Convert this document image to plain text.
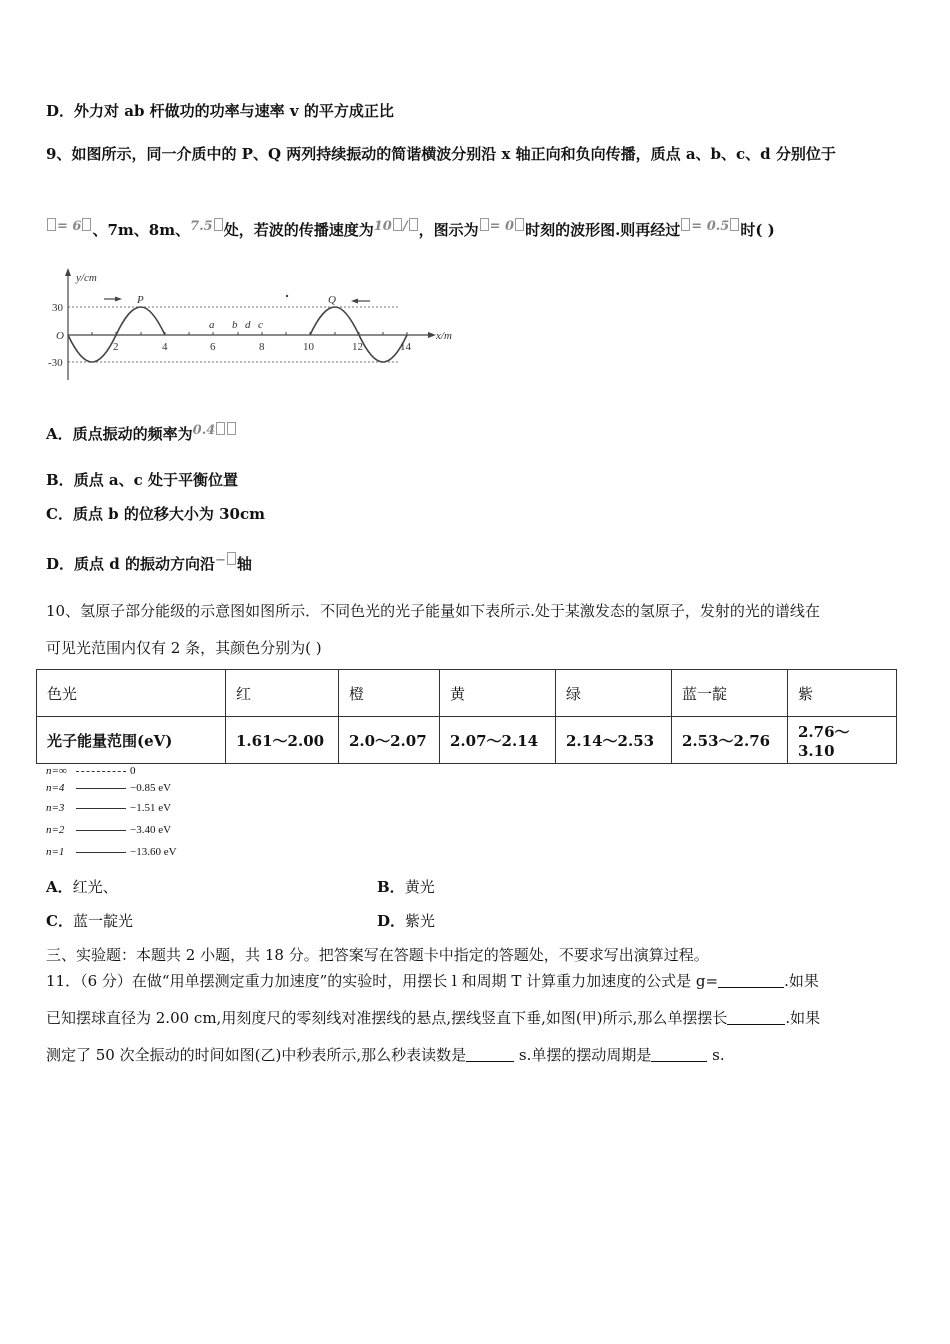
D．外力对 ab 杆做功的功率与速率 v 的平方成正比
9、如图所示，同一介质中的 P、Q 两列持续振动的简谐横波分别沿 x 轴正向和负向传播，质点 a、b、c、d 分别位于
= 6 、7m、8m、7.5 处，若波的传播速度为10 / ，图示为 = 0 时刻的波形图.则再经过 = 0.5 时( )
y/cm
x/m
30
O
-30
2	4	6	8	10	12	14
P	Q
a b d c
A．质点振动的频率为0.4
B．质点 a、c 处于平衡位置
C．质点 b 的位移大小为 30cm
D．质点 d 的振动方向沿− 轴
10、氢原子部分能级的示意图如图所示．不同色光的光子能量如下表所示.处于某激发态的氢原子，发射的光的谱线在
可见光范围内仅有 2 条，其颜色分别为( )
色光	红	橙	黄	绿	蓝一靛	紫
光子能量范围(eV)	1.61～2.00	2.0～2.07	2.07～2.14	2.14～2.53	2.53～2.76	2.76～3.10
n=∞	0
n=4	−0.85 eV
n=3	−1.51 eV
n=2	−3.40 eV
n=1	−13.60 eV
A．红光、	B．黄光
C．蓝一靛光	D．紫光
三、实验题：本题共 2 小题，共 18 分。把答案写在答题卡中指定的答题处，不要求写出演算过程。
11．（6 分）在做“用单摆测定重力加速度”的实验时，用摆长 l 和周期 T 计算重力加速度的公式是 g=	.如果
已知摆球直径为 2.00 cm,用刻度尺的零刻线对准摆线的悬点,摆线竖直下垂,如图(甲)所示,那么单摆摆长	.如果
测定了 50 次全振动的时间如图(乙)中秒表所示,那么秒表读数是	s.单摆的摆动周期是	s.
